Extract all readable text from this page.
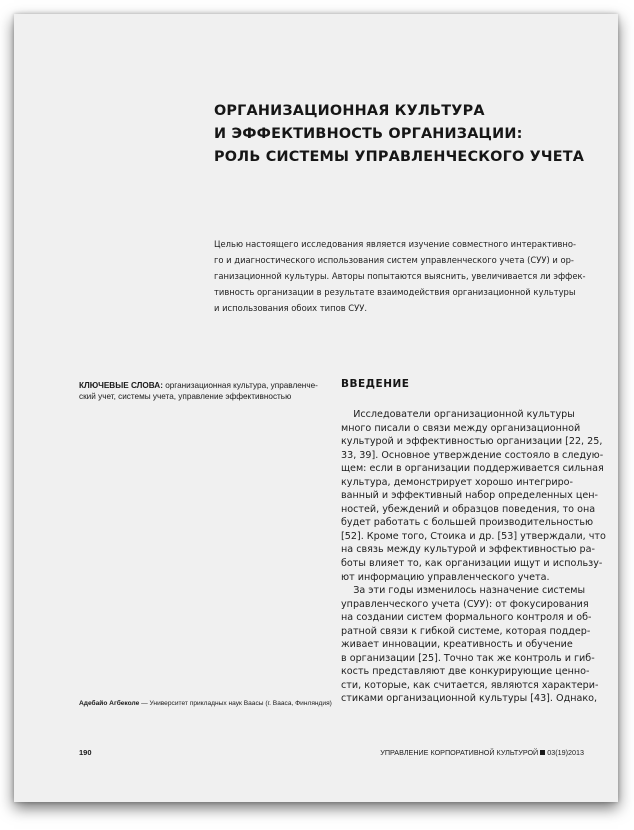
ОРГАНИЗАЦИОННАЯ КУЛЬТУРА
И ЭФФЕКТИВНОСТЬ ОРГАНИЗАЦИИ:
РОЛЬ СИСТЕМЫ УПРАВЛЕНЧЕСКОГО УЧЕТА
Целью настоящего исследования является изучение совместного интерактивно-
го и диагностического использования систем управленческого учета (СУУ) и ор-
ганизационной культуры. Авторы попытаются выяснить, увеличивается ли эффек-
тивность организации в результате взаимодействия организационной культуры
и использования обоих типов СУУ.
КЛЮЧЕВЫЕ СЛОВА: организационная культура, управленче-
ский учет, системы учета, управление эффективностью
ВВЕДЕНИЕ
Исследователи организационной культуры
много писали о связи между организационной
культурой и эффективностью организации [22, 25,
33, 39]. Основное утверждение состояло в следую-
щем: если в организации поддерживается сильная
культура, демонстрирует хорошо интегриро-
ванный и эффективный набор определенных цен-
ностей, убеждений и образцов поведения, то она
будет работать с большей производительностью
[52]. Кроме того, Стоика и др. [53] утверждали, что
на связь между культурой и эффективностью ра-
боты влияет то, как организации ищут и использу-
ют информацию управленческого учета.
За эти годы изменилось назначение системы
управленческого учета (СУУ): от фокусирования
на создании систем формального контроля и об-
ратной связи к гибкой системе, которая поддер-
живает инновации, креативность и обучение
в организации [25]. Точно так же контроль и гиб-
кость представляют две конкурирующие ценно-
сти, которые, как считается, являются характери-
стиками организационной культуры [43]. Однако,
Адебайо Агбеколе — Университет прикладных наук Ваасы (г. Вааса, Финляндия)
190	УПРАВЛЕНИЕ КОРПОРАТИВНОЙ КУЛЬТУРОЙ 03(19)2013
